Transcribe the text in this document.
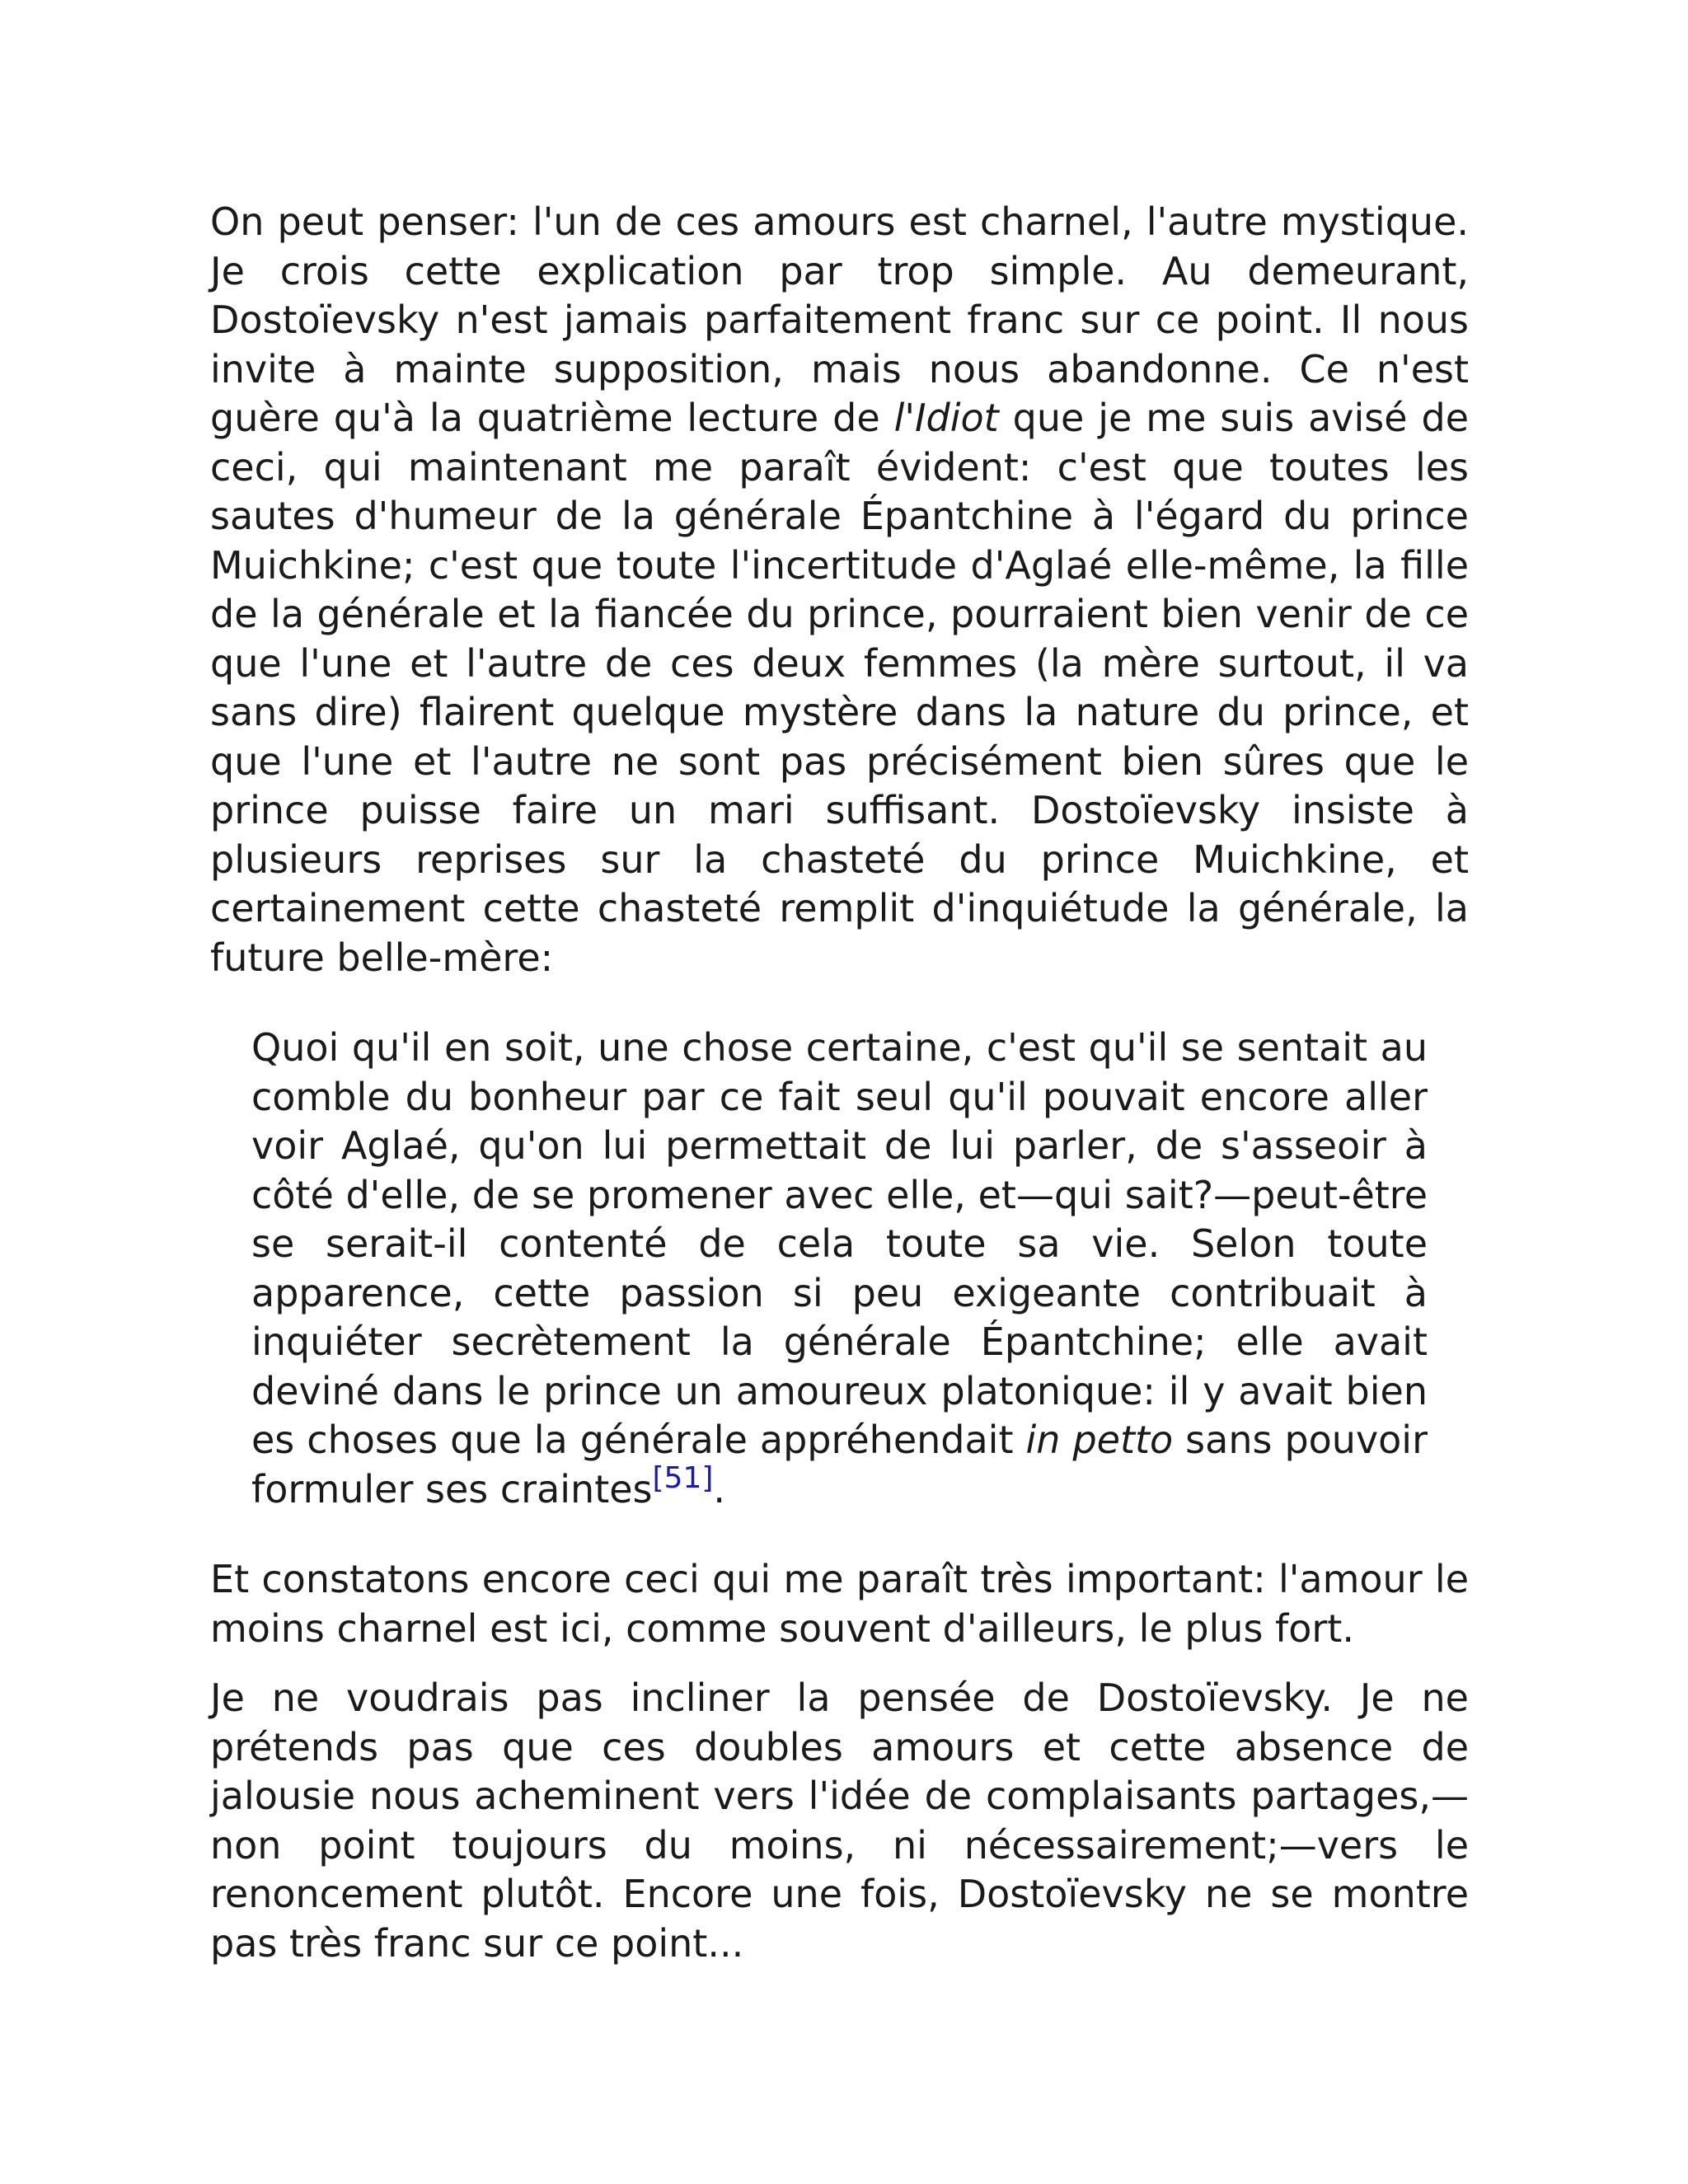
On peut penser: l'un de ces amours est charnel, l'autre mystique. Je crois cette explication par trop simple. Au demeurant, Dostoïevsky n'est jamais parfaitement franc sur ce point. Il nous invite à mainte supposition, mais nous abandonne. Ce n'est guère qu'à la quatrième lecture de l'Idiot que je me suis avisé de ceci, qui maintenant me paraît évident: c'est que toutes les sautes d'humeur de la générale Épantchine à l'égard du prince Muichkine; c'est que toute l'incertitude d'Aglaé elle-même, la fille de la générale et la fiancée du prince, pourraient bien venir de ce que l'une et l'autre de ces deux femmes (la mère surtout, il va sans dire) flairent quelque mystère dans la nature du prince, et que l'une et l'autre ne sont pas précisément bien sûres que le prince puisse faire un mari suffisant. Dostoïevsky insiste à plusieurs reprises sur la chasteté du prince Muichkine, et certainement cette chasteté remplit d'inquiétude la générale, la future belle-mère:

Quoi qu'il en soit, une chose certaine, c'est qu'il se sentait au comble du bonheur par ce fait seul qu'il pouvait encore aller voir Aglaé, qu'on lui permettait de lui parler, de s'asseoir à côté d'elle, de se promener avec elle, et—qui sait?—peut-être se serait-il contenté de cela toute sa vie. Selon toute apparence, cette passion si peu exigeante contribuait à inquiéter secrètement la générale Épantchine; elle avait deviné dans le prince un amoureux platonique: il y avait bien es choses que la générale appréhendait in petto sans pouvoir formuler ses craintes[51].

Et constatons encore ceci qui me paraît très important: l'amour le moins charnel est ici, comme souvent d'ailleurs, le plus fort.

Je ne voudrais pas incliner la pensée de Dostoïevsky. Je ne prétends pas que ces doubles amours et cette absence de jalousie nous acheminent vers l'idée de complaisants partages,—non point toujours du moins, ni nécessairement;—vers le renoncement plutôt. Encore une fois, Dostoïevsky ne se montre pas très franc sur ce point...
